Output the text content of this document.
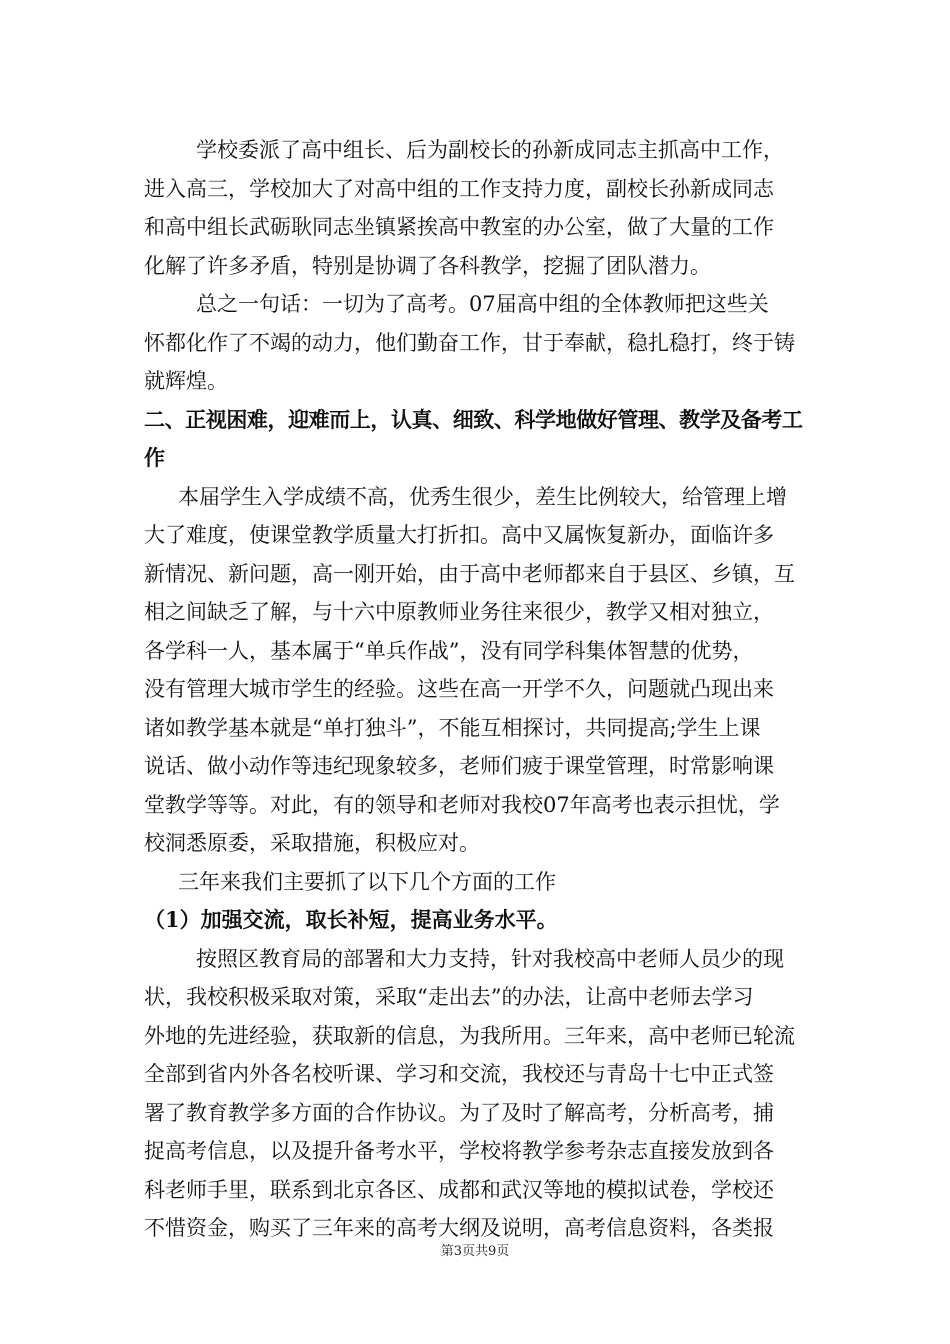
学校委派了高中组长、后为副校长的孙新成同志主抓高中工作，
进入高三，学校加大了对高中组的工作支持力度，副校长孙新成同志
和高中组长武砺耿同志坐镇紧挨高中教室的办公室，做了大量的工作
化解了许多矛盾，特别是协调了各科教学，挖掘了团队潜力。
总之一句话：一切为了高考。07届高中组的全体教师把这些关
怀都化作了不竭的动力，他们勤奋工作，甘于奉献，稳扎稳打，终于铸
就辉煌。
二、正视困难，迎难而上，认真、细致、科学地做好管理、教学及备考工
作
本届学生入学成绩不高，优秀生很少，差生比例较大，给管理上增
大了难度，使课堂教学质量大打折扣。高中又属恢复新办，面临许多
新情况、新问题，高一刚开始，由于高中老师都来自于县区、乡镇，互
相之间缺乏了解，与十六中原教师业务往来很少，教学又相对独立，
各学科一人，基本属于“单兵作战”，没有同学科集体智慧的优势，
没有管理大城市学生的经验。这些在高一开学不久，问题就凸现出来
诸如教学基本就是“单打独斗”，不能互相探讨，共同提高;学生上课
说话、做小动作等违纪现象较多，老师们疲于课堂管理，时常影响课
堂教学等等。对此，有的领导和老师对我校07年高考也表示担忧，学
校洞悉原委，采取措施，积极应对。
三年来我们主要抓了以下几个方面的工作
（1）加强交流，取长补短，提高业务水平。
按照区教育局的部署和大力支持，针对我校高中老师人员少的现
状，我校积极采取对策，采取“走出去”的办法，让高中老师去学习
外地的先进经验，获取新的信息，为我所用。三年来，高中老师已轮流
全部到省内外各名校听课、学习和交流，我校还与青岛十七中正式签
署了教育教学多方面的合作协议。为了及时了解高考，分析高考，捕
捉高考信息，以及提升备考水平，学校将教学参考杂志直接发放到各
科老师手里，联系到北京各区、成都和武汉等地的模拟试卷，学校还
不惜资金，购买了三年来的高考大纲及说明，高考信息资料，各类报
第3页共9页
